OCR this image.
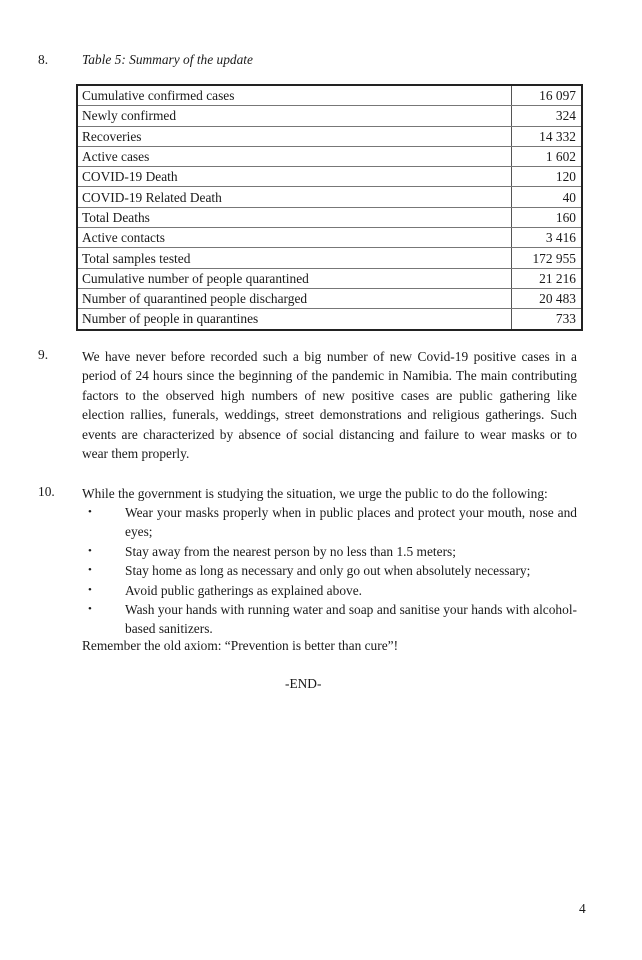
8.	Table 5: Summary of the update
Cumulative confirmed cases	16 097
Newly confirmed	324
Recoveries	14 332
Active cases	1 602
COVID-19 Death	120
COVID-19 Related Death	40
Total Deaths	160
Active contacts	3 416
Total samples tested	172 955
Cumulative number of people quarantined	21 216
Number of quarantined people discharged	20 483
Number of people in quarantines	733
9.	We have never before recorded such a big number of new Covid-19 positive cases in a period of 24 hours since the beginning of the pandemic in Namibia. The main contributing factors to the observed high numbers of new positive cases are public gathering like election rallies, funerals, weddings, street demonstrations and religious gatherings. Such events are characterized by absence of social distancing and failure to wear masks or to wear them properly.
10. While the government is studying the situation, we urge the public to do the following:
• Wear your masks properly when in public places and protect your mouth, nose and eyes;
• Stay away from the nearest person by no less than 1.5 meters;
• Stay home as long as necessary and only go out when absolutely necessary;
• Avoid public gatherings as explained above.
• Wash your hands with running water and soap and sanitise your hands with alcohol-based sanitizers.
Remember the old axiom: “Prevention is better than cure”!
-END-
4
